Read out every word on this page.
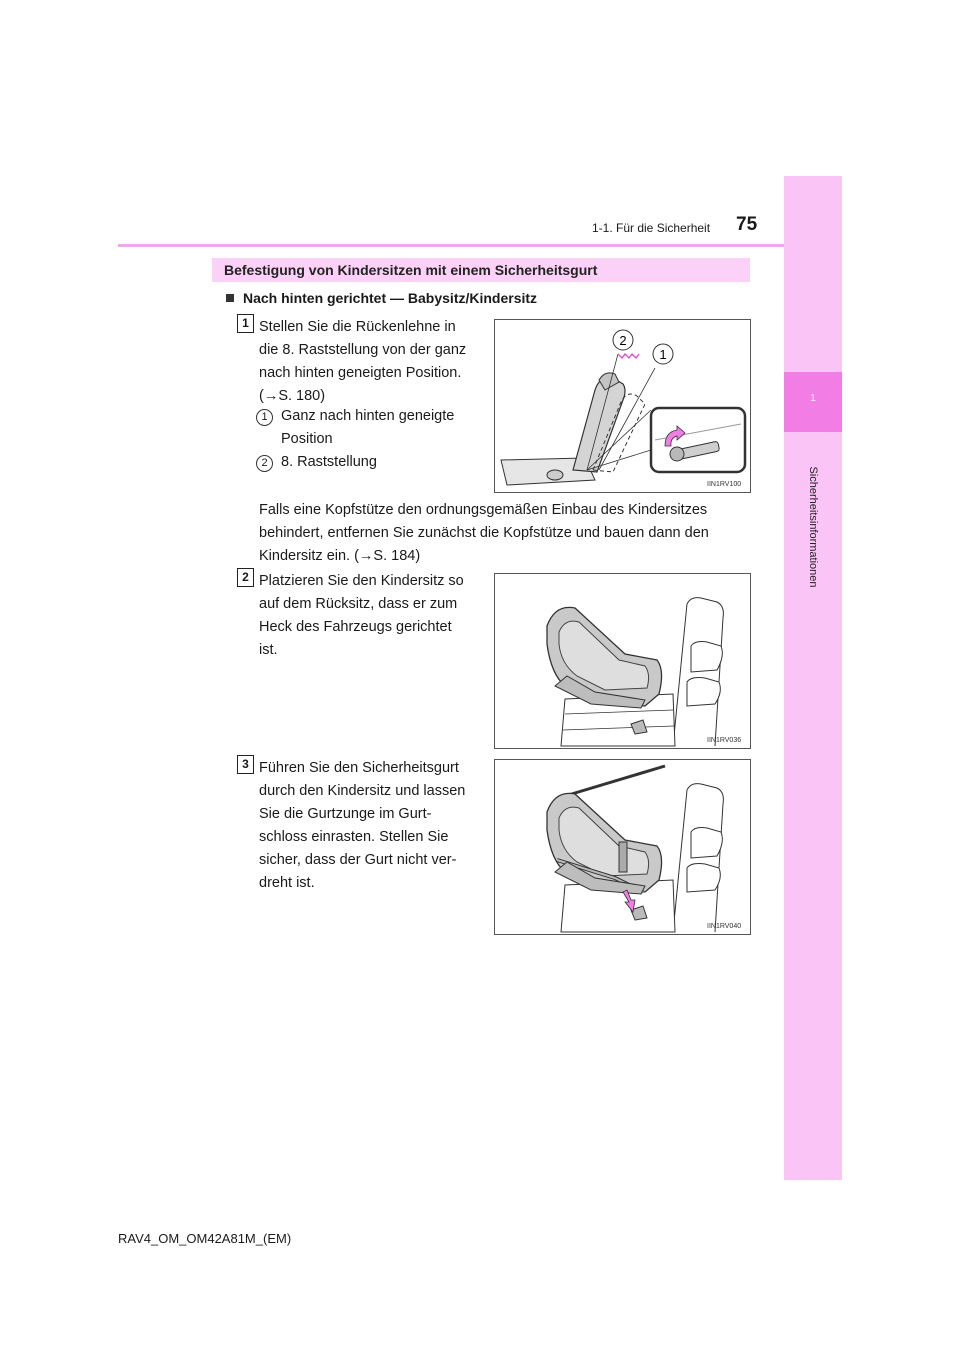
1-1. Für die Sicherheit 75
1
Sicherheitsinformationen
Befestigung von Kindersitzen mit einem Sicherheitsgurt
Nach hinten gerichtet — Babysitz/Kindersitz
1 Stellen Sie die Rückenlehne in
die 8. Raststellung von der ganz
nach hinten geneigten Position.
(→S. 180)
1 Ganz nach hinten geneigte
Position
2 8. Raststellung
2
1
IIN1RV100
Falls eine Kopfstütze den ordnungsgemäßen Einbau des Kindersitzes
behindert, entfernen Sie zunächst die Kopfstütze und bauen dann den
Kindersitz ein. (→S. 184)
2 Platzieren Sie den Kindersitz so
auf dem Rücksitz, dass er zum
Heck des Fahrzeugs gerichtet
ist.
IIN1RV036
3 Führen Sie den Sicherheitsgurt
durch den Kindersitz und lassen
Sie die Gurtzunge im Gurt-
schloss einrasten. Stellen Sie
sicher, dass der Gurt nicht ver-
dreht ist.
IIN1RV040
RAV4_OM_OM42A81M_(EM)
